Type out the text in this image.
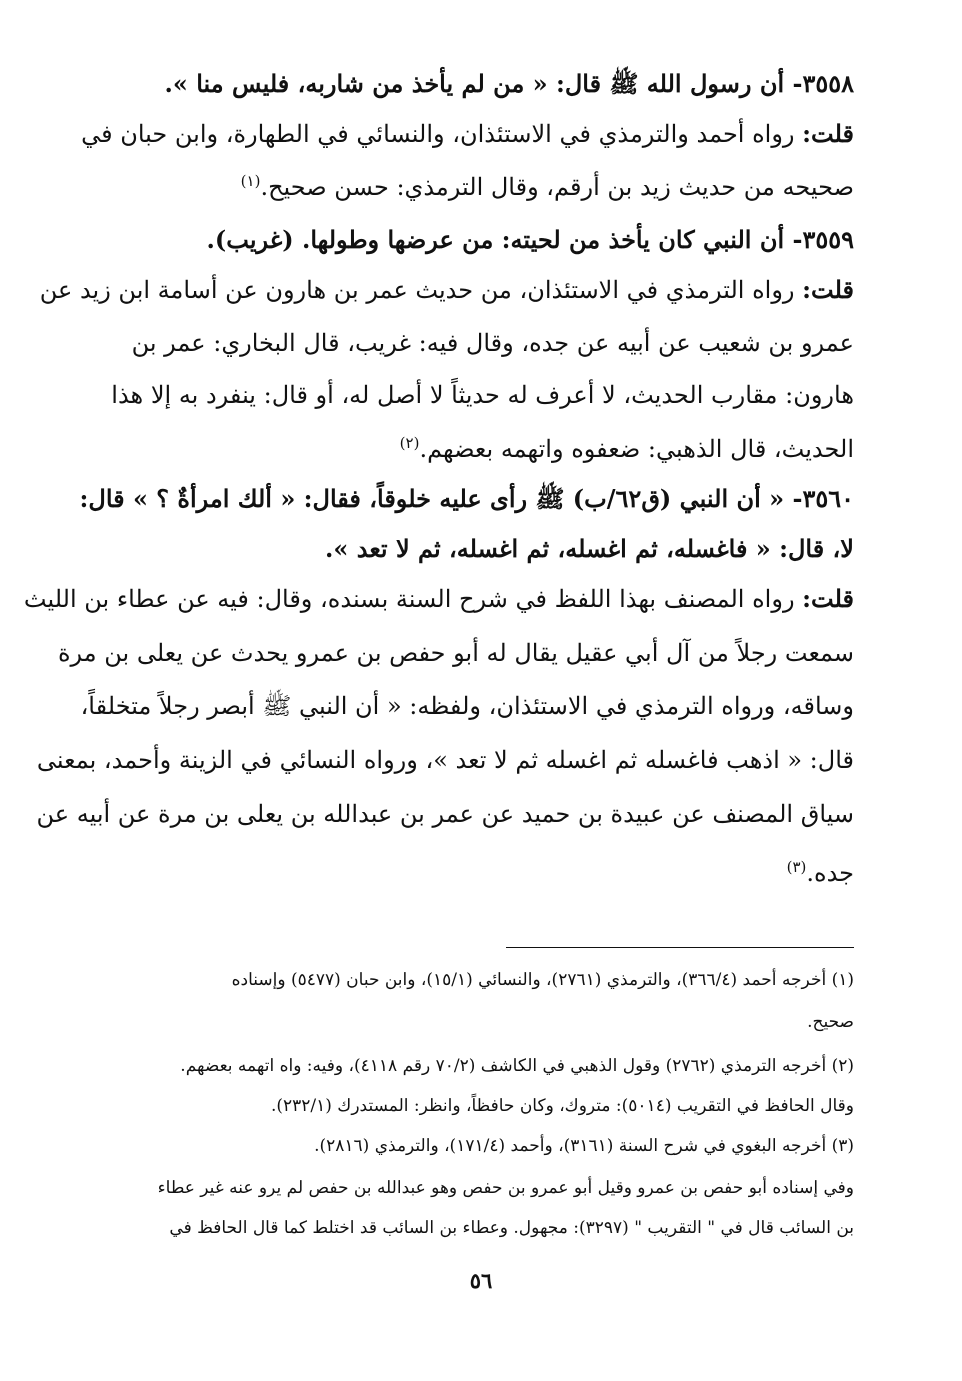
٣٥٥٨- أن رسول الله ﷺ قال: « من لم يأخذ من شاربه، فليس منا ».
قلت: رواه أحمد والترمذي في الاستئذان، والنسائي في الطهارة، وابن حبان في
صحيحه من حديث زيد بن أرقم، وقال الترمذي: حسن صحيح.$^{(١)}$
٣٥٥٩- أن النبي كان يأخذ من لحيته: من عرضها وطولها. (غريب).
قلت: رواه الترمذي في الاستئذان، من حديث عمر بن هارون عن أسامة ابن زيد عن
عمرو بن شعيب عن أبيه عن جده، وقال فيه: غريب، قال البخاري: عمر بن
هارون: مقارب الحديث، لا أعرف له حديثاً لا أصل له، أو قال: ينفرد به إلا هذا
الحديث، قال الذهبي: ضعفوه واتهمه بعضهم.$^{(٢)}$
٣٥٦٠- « أن النبي (ق٦٢/ب) ﷺ رأى عليه خلوقاً، فقال: « ألك امرأةٌ ؟ » قال:
لا، قال: « فاغسله، ثم اغسله، ثم اغسله، ثم لا تعد ».
قلت: رواه المصنف بهذا اللفظ في شرح السنة بسنده، وقال: فيه عن عطاء بن الليث
سمعت رجلاً من آل أبي عقيل يقال له أبو حفص بن عمرو يحدث عن يعلى بن مرة
وساقه، ورواه الترمذي في الاستئذان، ولفظه: « أن النبي ﷺ أبصر رجلاً متخلقاً،
قال: « اذهب فاغسله ثم اغسله ثم لا تعد »، ورواه النسائي في الزينة وأحمد، بمعنى
سياق المصنف عن عبيدة بن حميد عن عمر بن عبدالله بن يعلى بن مرة عن أبيه عن
جده.$^{(٣)}$
(١) أخرجه أحمد (٣٦٦/٤)، والترمذي (٢٧٦١)، والنسائي (١٥/١)، وابن حبان (٥٤٧٧) وإسناده
صحيح.
(٢) أخرجه الترمذي (٢٧٦٢) وقول الذهبي في الكاشف (٧٠/٢ رقم ٤١١٨)، وفيه: واه اتهمه بعضهم.
وقال الحافظ في التقريب (٥٠١٤): متروك، وكان حافظاً، وانظر: المستدرك (٢٣٢/١).
(٣) أخرجه البغوي في شرح السنة (٣١٦١)، وأحمد (١٧١/٤)، والترمذي (٢٨١٦).
وفي إسناده أبو حفص بن عمرو وقيل أبو عمرو بن حفص وهو عبدالله بن حفص لم يرو عنه غير عطاء
بن السائب قال في " التقريب " (٣٢٩٧): مجهول. وعطاء بن السائب قد اختلط كما قال الحافظ في
٥٦
